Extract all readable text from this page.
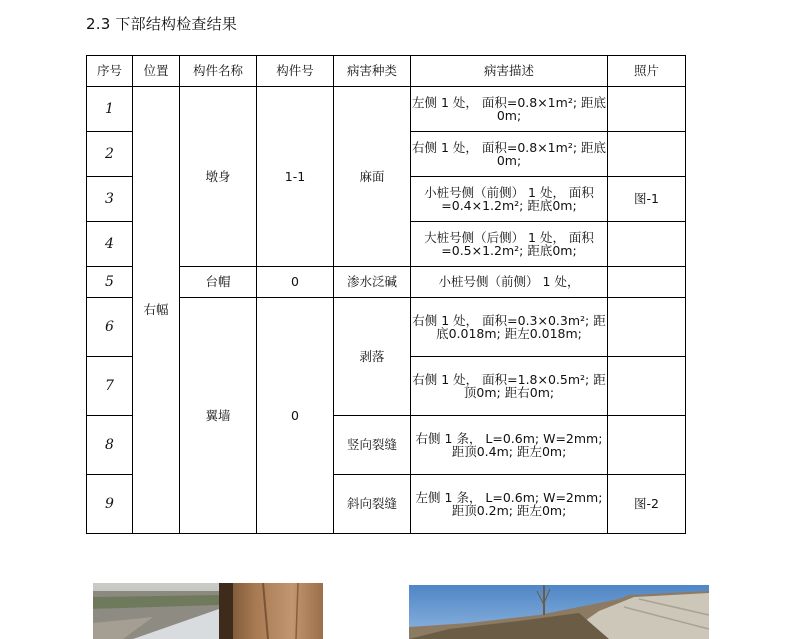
2.3 下部结构检查结果
序号	位置	构件名称	构件号	病害种类	病害描述	照片
1	右幅	墩身	1-1	麻面	左侧 1 处， 面积=0.8×1m²; 距底0m;	
2					右侧 1 处， 面积=0.8×1m²; 距底0m;	
3					小桩号侧（前侧） 1 处， 面积=0.4×1.2m²; 距底0m;	图-1
4					大桩号侧（后侧） 1 处， 面积=0.5×1.2m²; 距底0m;	
5		台帽	0	渗水泛碱	小桩号侧（前侧） 1 处，	
6		翼墙	0	剥落	右侧 1 处， 面积=0.3×0.3m²; 距底0.018m; 距左0.018m;	
7					右侧 1 处， 面积=1.8×0.5m²; 距顶0m; 距右0m;	
8				竖向裂缝	右侧 1 条， L=0.6m; W=2mm; 距顶0.4m; 距左0m;	
9				斜向裂缝	左侧 1 条， L=0.6m; W=2mm; 距顶0.2m; 距左0m;	图-2
